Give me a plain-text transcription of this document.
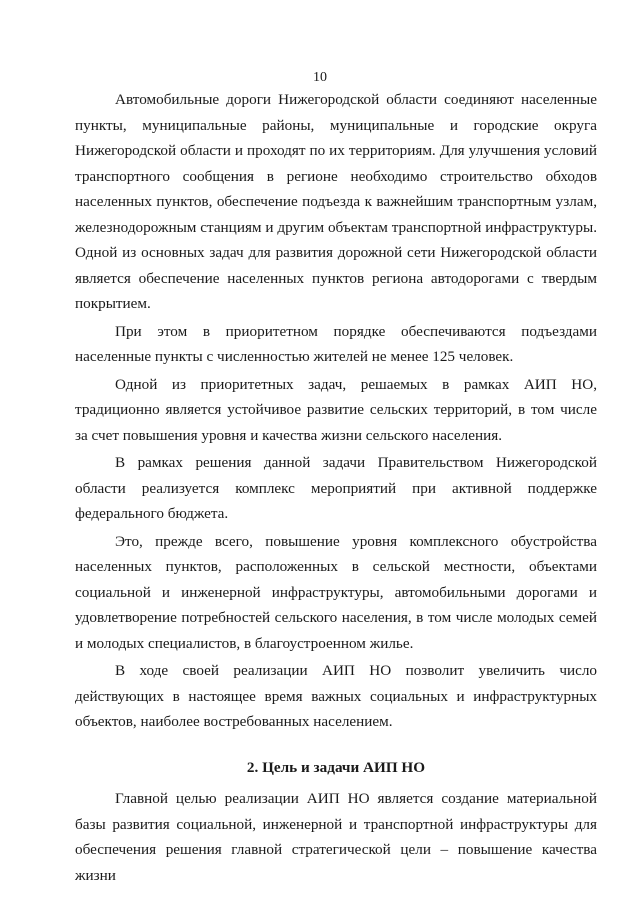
10

Автомобильные дороги Нижегородской области соединяют населенные пункты, муниципальные районы, муниципальные и городские округа Нижегородской области и проходят по их территориям. Для улучшения условий транспортного сообщения в регионе необходимо строительство обходов населенных пунктов, обеспечение подъезда к важнейшим транспортным узлам, железнодорожным станциям и другим объектам транспортной инфраструктуры. Одной из основных задач для развития дорожной сети Нижегородской области является обеспечение населенных пунктов региона автодорогами с твердым покрытием.

При этом в приоритетном порядке обеспечиваются подъездами населенные пункты с численностью жителей не менее 125 человек.

Одной из приоритетных задач, решаемых в рамках АИП НО, традиционно является устойчивое развитие сельских территорий, в том числе за счет повышения уровня и качества жизни сельского населения.

В рамках решения данной задачи Правительством Нижегородской области реализуется комплекс мероприятий при активной поддержке федерального бюджета.

Это, прежде всего, повышение уровня комплексного обустройства населенных пунктов, расположенных в сельской местности, объектами социальной и инженерной инфраструктуры, автомобильными дорогами и удовлетворение потребностей сельского населения, в том числе молодых семей и молодых специалистов, в благоустроенном жилье.

В ходе своей реализации АИП НО позволит увеличить число действующих в настоящее время важных социальных и инфраструктурных объектов, наиболее востребованных населением.

2. Цель и задачи АИП НО

Главной целью реализации АИП НО является создание материальной базы развития социальной, инженерной и транспортной инфраструктуры для обеспечения решения главной стратегической цели – повышение качества жизни
